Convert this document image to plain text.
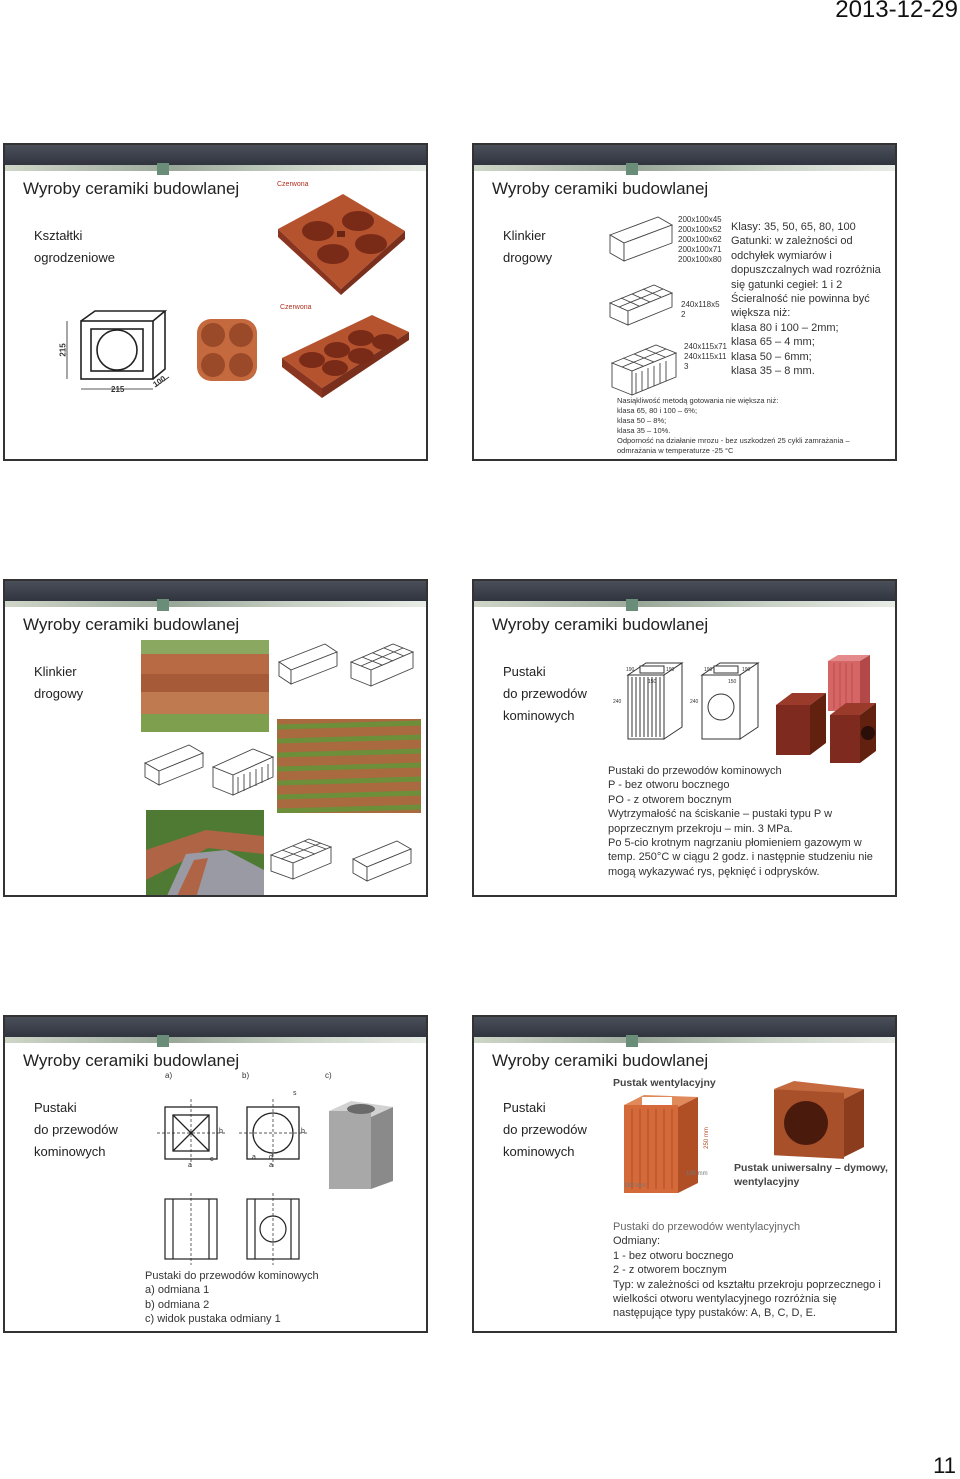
2013-12-29
Wyroby ceramiki budowlanej
Kształtki
ogrodzeniowe
Czerwona
Czerwona
215
215
100
Wyroby ceramiki budowlanej
Klinkier
drogowy
200x100x45
200x100x52
200x100x62
200x100x71
200x100x80
240x118x5
2
240x115x71
240x115x11
3
Klasy: 35, 50, 65, 80, 100
Gatunki: w zależności od
odchyłek wymiarów i
dopuszczalnych wad rozróżnia
się gatunki cegieł: 1 i 2
Ścieralność nie powinna być
większa niż:
klasa 80 i 100 – 2mm;
klasa 65 – 4 mm;
klasa 50 – 6mm;
klasa 35 – 8 mm.
Nasiąkliwość metodą gotowania nie większa niż:
klasa 65, 80 i 100 – 6%;
klasa 50 – 8%;
klasa 35 – 10%.
Odporność na działanie mrozu - bez uszkodzeń 25 cykli zamrażania –
odmrażania w temperaturze -25 °C
Wyroby ceramiki budowlanej
Klinkier
drogowy
Wyroby ceramiki budowlanej
Pustaki
do przewodów
kominowych
190	190	190	190
240	240
150	150
Pustaki do przewodów kominowych
P - bez otworu bocznego
PO - z otworem bocznym
Wytrzymałość na ściskanie – pustaki typu P w
poprzecznym przekroju – min. 3 MPa.
Po 5-cio krotnym nagrzaniu płomieniem gazowym w
temp. 250°C w ciągu 2 godz. i następnie studzeniu nie
mogą wykazywać rys, pęknięć i odprysków.
Wyroby ceramiki budowlanej
Pustaki
do przewodów
kominowych
a)	b)	c)
a
b
c
a
b
d
a
s
Pustaki do przewodów kominowych
a) odmiana 1
b) odmiana 2
c) widok pustaka odmiany 1
Wyroby ceramiki budowlanej
Pustaki
do przewodów
kominowych
Pustak wentylacyjny
250 mm
188 mm
188 mm	Pustak uniwersalny – dymowy,
wentylacyjny
Pustaki do przewodów wentylacyjnych
Odmiany:
1 - bez otworu bocznego
2 - z otworem bocznym
Typ: w zależności od kształtu przekroju poprzecznego i
wielkości otworu wentylacyjnego rozróżnia się
następujące typy pustaków: A, B, C, D, E.
11
